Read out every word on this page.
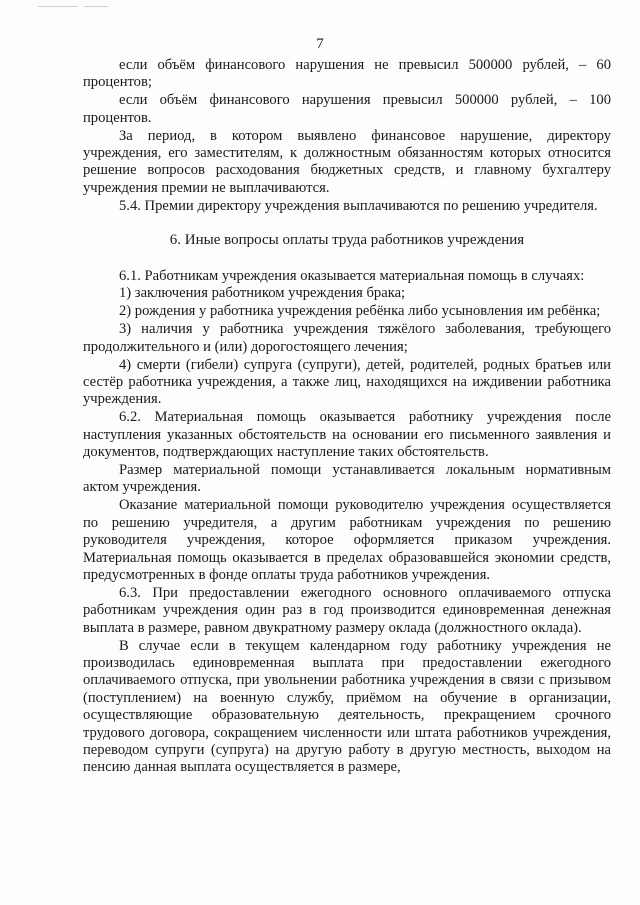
7

если объём финансового нарушения не превысил 500000 рублей, – 60 процентов;

если объём финансового нарушения превысил 500000 рублей, – 100 процентов.

За период, в котором выявлено финансовое нарушение, директору учреждения, его заместителям, к должностным обязанностям которых относится решение вопросов расходования бюджетных средств, и главному бухгалтеру учреждения премии не выплачиваются.

5.4. Премии директору учреждения выплачиваются по решению учредителя.

6. Иные вопросы оплаты труда работников учреждения

6.1. Работникам учреждения оказывается материальная помощь в случаях:

1) заключения работником учреждения брака;

2) рождения у работника учреждения ребёнка либо усыновления им ребёнка;

3) наличия у работника учреждения тяжёлого заболевания, требующего продолжительного и (или) дорогостоящего лечения;

4) смерти (гибели) супруга (супруги), детей, родителей, родных братьев или сестёр работника учреждения, а также лиц, находящихся на иждивении работника учреждения.

6.2. Материальная помощь оказывается работнику учреждения после наступления указанных обстоятельств на основании его письменного заявления и документов, подтверждающих наступление таких обстоятельств.

Размер материальной помощи устанавливается локальным нормативным актом учреждения.

Оказание материальной помощи руководителю учреждения осуществляется по решению учредителя, а другим работникам учреждения по решению руководителя учреждения, которое оформляется приказом учреждения. Материальная помощь оказывается в пределах образовавшейся экономии средств, предусмотренных в фонде оплаты труда работников учреждения.

6.3. При предоставлении ежегодного основного оплачиваемого отпуска работникам учреждения один раз в год производится единовременная денежная выплата в размере, равном двукратному размеру оклада (должностного оклада).

В случае если в текущем календарном году работнику учреждения не производилась единовременная выплата при предоставлении ежегодного оплачиваемого отпуска, при увольнении работника учреждения в связи с призывом (поступлением) на военную службу, приёмом на обучение в организации, осуществляющие образовательную деятельность, прекращением срочного трудового договора, сокращением численности или штата работников учреждения, переводом супруги (супруга) на другую работу в другую местность, выходом на пенсию данная выплата осуществляется в размере,
